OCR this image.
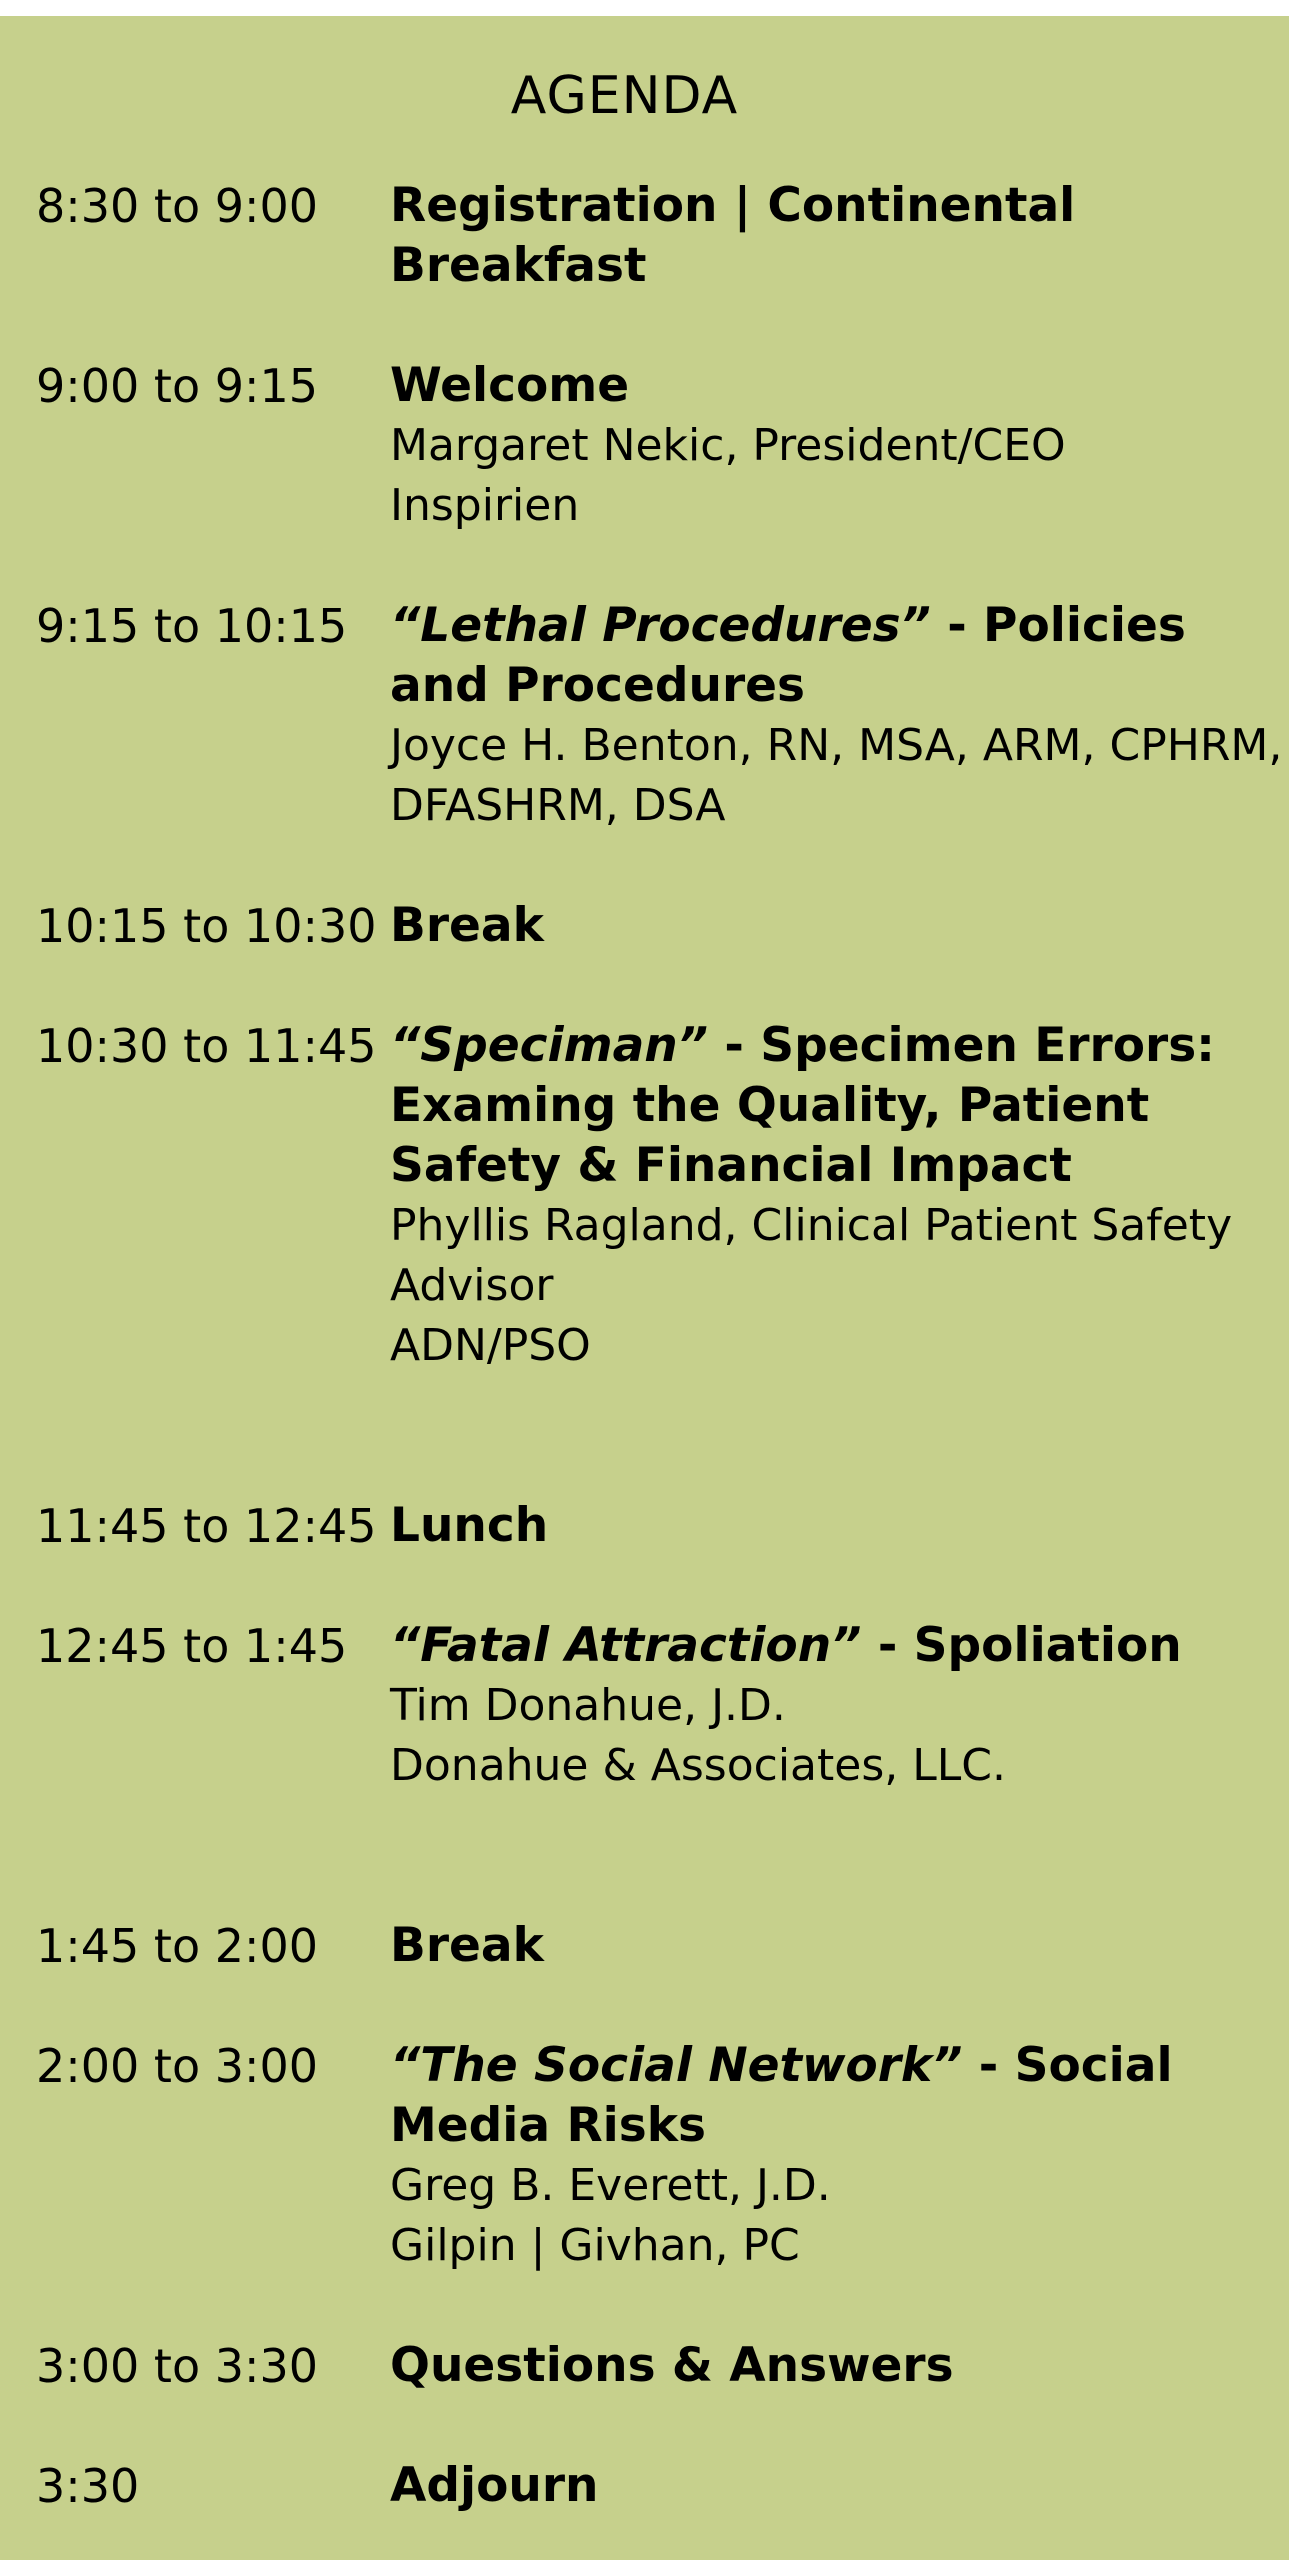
AGENDA
8:30 to 9:00 Registration | Continental Breakfast
9:00 to 9:15 Welcome
Margaret Nekic, President/CEO
Inspirien
9:15 to 10:15 “Lethal Procedures” - Policies and Procedures
Joyce H. Benton, RN, MSA, ARM, CPHRM,
DFASHRM, DSA
10:15 to 10:30 Break
10:30 to 11:45 “Speciman” - Specimen Errors: Examing the Quality, Patient Safety & Financial Impact
Phyllis Ragland, Clinical Patient Safety
Advisor
ADN/PSO
11:45 to 12:45 Lunch
12:45 to 1:45 “Fatal Attraction” - Spoliation
Tim Donahue, J.D.
Donahue & Associates, LLC.
1:45 to 2:00 Break
2:00 to 3:00 “The Social Network” - Social Media Risks
Greg B. Everett, J.D.
Gilpin | Givhan, PC
3:00 to 3:30 Questions & Answers
3:30	Adjourn
